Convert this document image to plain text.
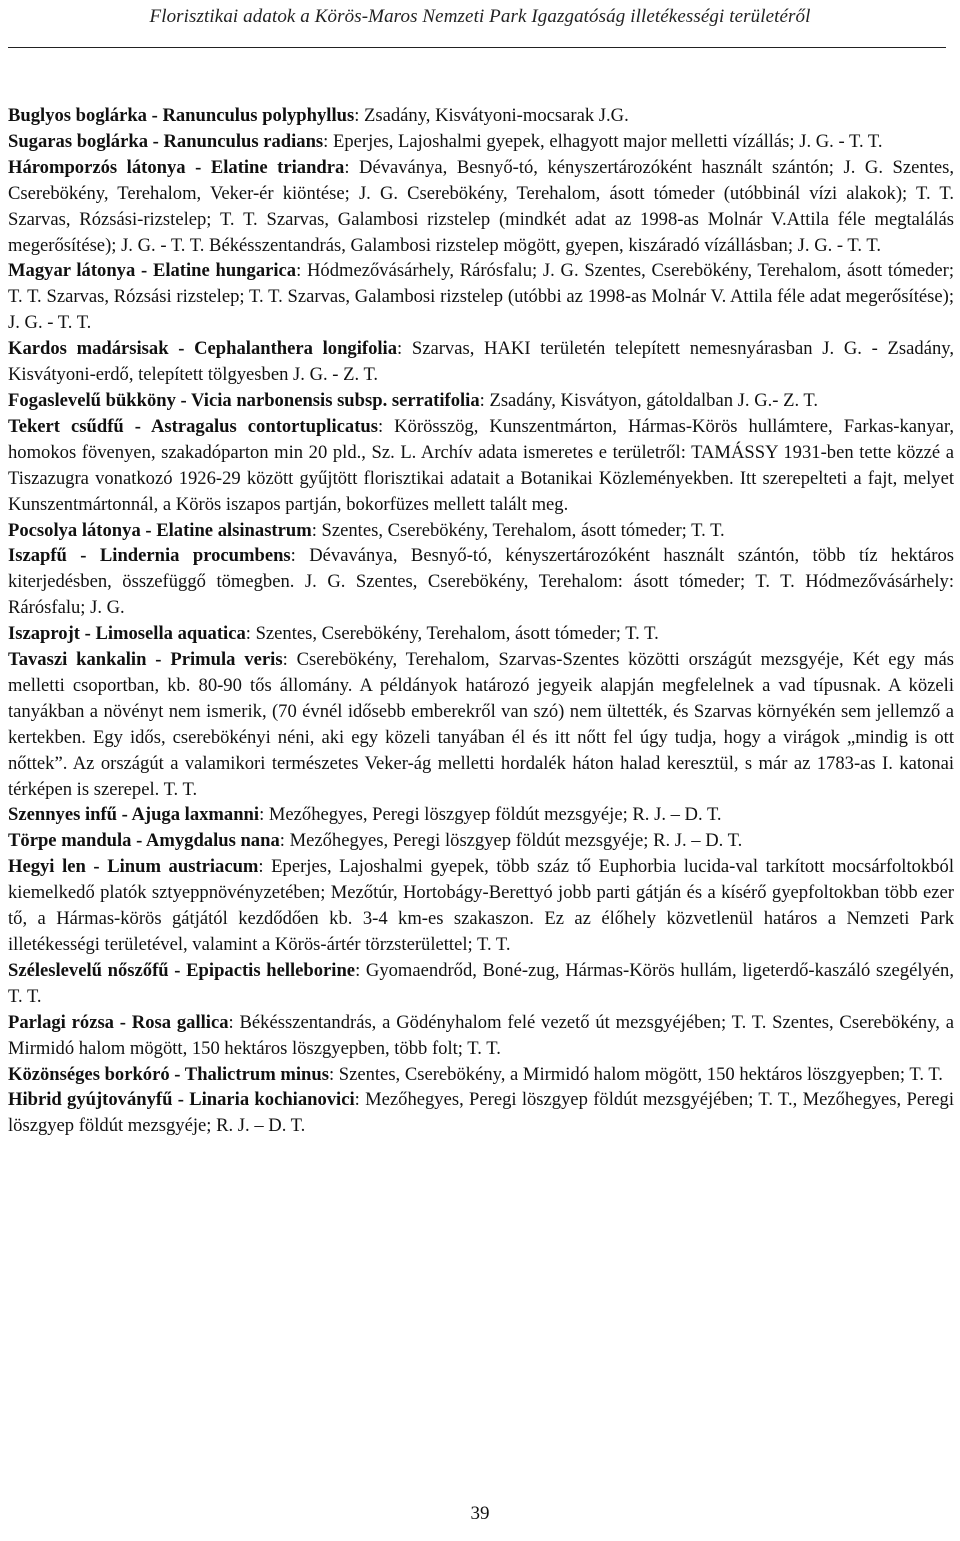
Florisztikai adatok a Körös-Maros Nemzeti Park Igazgatóság illetékességi területéről

Buglyos boglárka - Ranunculus polyphyllus: Zsadány, Kisvátyoni-mocsarak J.G.

Sugaras boglárka - Ranunculus radians: Eperjes, Lajoshalmi gyepek, elhagyott major melletti vízállás; J. G. - T. T.

Háromporzós látonya - Elatine triandra: Dévaványa, Besnyő-tó, kényszertározóként használt szántón; J. G. Szentes, Cserebökény, Terehalom, Veker-ér kiöntése; J. G. Cserebökény, Terehalom, ásott tómeder (utóbbinál vízi alakok); T. T. Szarvas, Rózsási-rizstelep; T. T. Szarvas, Galambosi rizstelep (mindkét adat az 1998-as Molnár V.Attila féle megtalálás megerősítése); J. G. - T. T. Békésszentandrás, Galambosi rizstelep mögött, gyepen, kiszáradó vízállásban; J. G. - T. T.

Magyar látonya - Elatine hungarica: Hódmezővásárhely, Rárósfalu; J. G. Szentes, Cserebökény, Terehalom, ásott tómeder; T. T. Szarvas, Rózsási rizstelep; T. T. Szarvas, Galambosi rizstelep (utóbbi az 1998-as Molnár V. Attila féle adat megerősítése); J. G. - T. T.

Kardos madársisak - Cephalanthera longifolia: Szarvas, HAKI területén telepített nemesnyárasban J. G. - Zsadány, Kisvátyoni-erdő, telepített tölgyesben J. G. - Z. T.

Fogaslevelű bükköny - Vicia narbonensis subsp. serratifolia: Zsadány, Kisvátyon, gátoldalban J. G.- Z. T.

Tekert csűdfű - Astragalus contortuplicatus: Körösszög, Kunszentmárton, Hármas-Körös hullámtere, Farkas-kanyar, homokos fövenyen, szakadóparton min 20 pld., Sz. L. Archív adata ismeretes e területről: TAMÁSSY 1931-ben tette közzé a Tiszazugra vonatkozó 1926-29 között gyűjtött florisztikai adatait a Botanikai Közleményekben. Itt szerepelteti a fajt, melyet Kunszentmártonnál, a Körös iszapos partján, bokorfüzes mellett talált meg.

Pocsolya látonya - Elatine alsinastrum: Szentes, Cserebökény, Terehalom, ásott tómeder; T. T.

Iszapfű - Lindernia procumbens: Dévaványa, Besnyő-tó, kényszertározóként használt szántón, több tíz hektáros kiterjedésben, összefüggő tömegben. J. G. Szentes, Cserebökény, Terehalom: ásott tómeder; T. T. Hódmezővásárhely: Rárósfalu; J. G.

Iszaprojt - Limosella aquatica: Szentes, Cserebökény, Terehalom, ásott tómeder; T. T.

Tavaszi kankalin - Primula veris: Cserebökény, Terehalom, Szarvas-Szentes közötti országút mezsgyéje, Két egy más melletti csoportban, kb. 80-90 tős állomány. A példányok határozó jegyeik alapján megfelelnek a vad típusnak. A közeli tanyákban a növényt nem ismerik, (70 évnél idősebb emberekről van szó) nem ültették, és Szarvas környékén sem jellemző a kertekben. Egy idős, cserebökényi néni, aki egy közeli tanyában él és itt nőtt fel úgy tudja, hogy a virágok „mindig is ott nőttek”. Az országút a valamikori természetes Veker-ág melletti hordalék háton halad keresztül, s már az 1783-as I. katonai térképen is szerepel. T. T.

Szennyes infű - Ajuga laxmanni: Mezőhegyes, Peregi löszgyep földút mezsgyéje; R. J. – D. T.

Törpe mandula - Amygdalus nana: Mezőhegyes, Peregi löszgyep földút mezsgyéje; R. J. – D. T.

Hegyi len - Linum austriacum: Eperjes, Lajoshalmi gyepek, több száz tő Euphorbia lucida-val tarkított mocsárfoltokból kiemelkedő platók sztyeppnövényzetében; Mezőtúr, Hortobágy-Berettyó jobb parti gátján és a kísérő gyepfoltokban több ezer tő, a Hármas-körös gátjától kezdődően kb. 3-4 km-es szakaszon. Ez az élőhely közvetlenül határos a Nemzeti Park illetékességi területével, valamint a Körös-ártér törzsterülettel; T. T.

Széleslevelű nőszőfű - Epipactis helleborine: Gyomaendrőd, Boné-zug, Hármas-Körös hullám, ligeterdő-kaszáló szegélyén, T. T.

Parlagi rózsa - Rosa gallica: Békésszentandrás, a Gödényhalom felé vezető út mezsgyéjében; T. T. Szentes, Cserebökény, a Mirmidó halom mögött, 150 hektáros löszgyepben, több folt; T. T.

Közönséges borkóró - Thalictrum minus: Szentes, Cserebökény, a Mirmidó halom mögött, 150 hektáros löszgyepben; T. T.

Hibrid gyújtoványfű - Linaria kochianovici: Mezőhegyes, Peregi löszgyep földút mezsgyéjében; T. T., Mezőhegyes, Peregi löszgyep földút mezsgyéje; R. J. – D. T.

39
